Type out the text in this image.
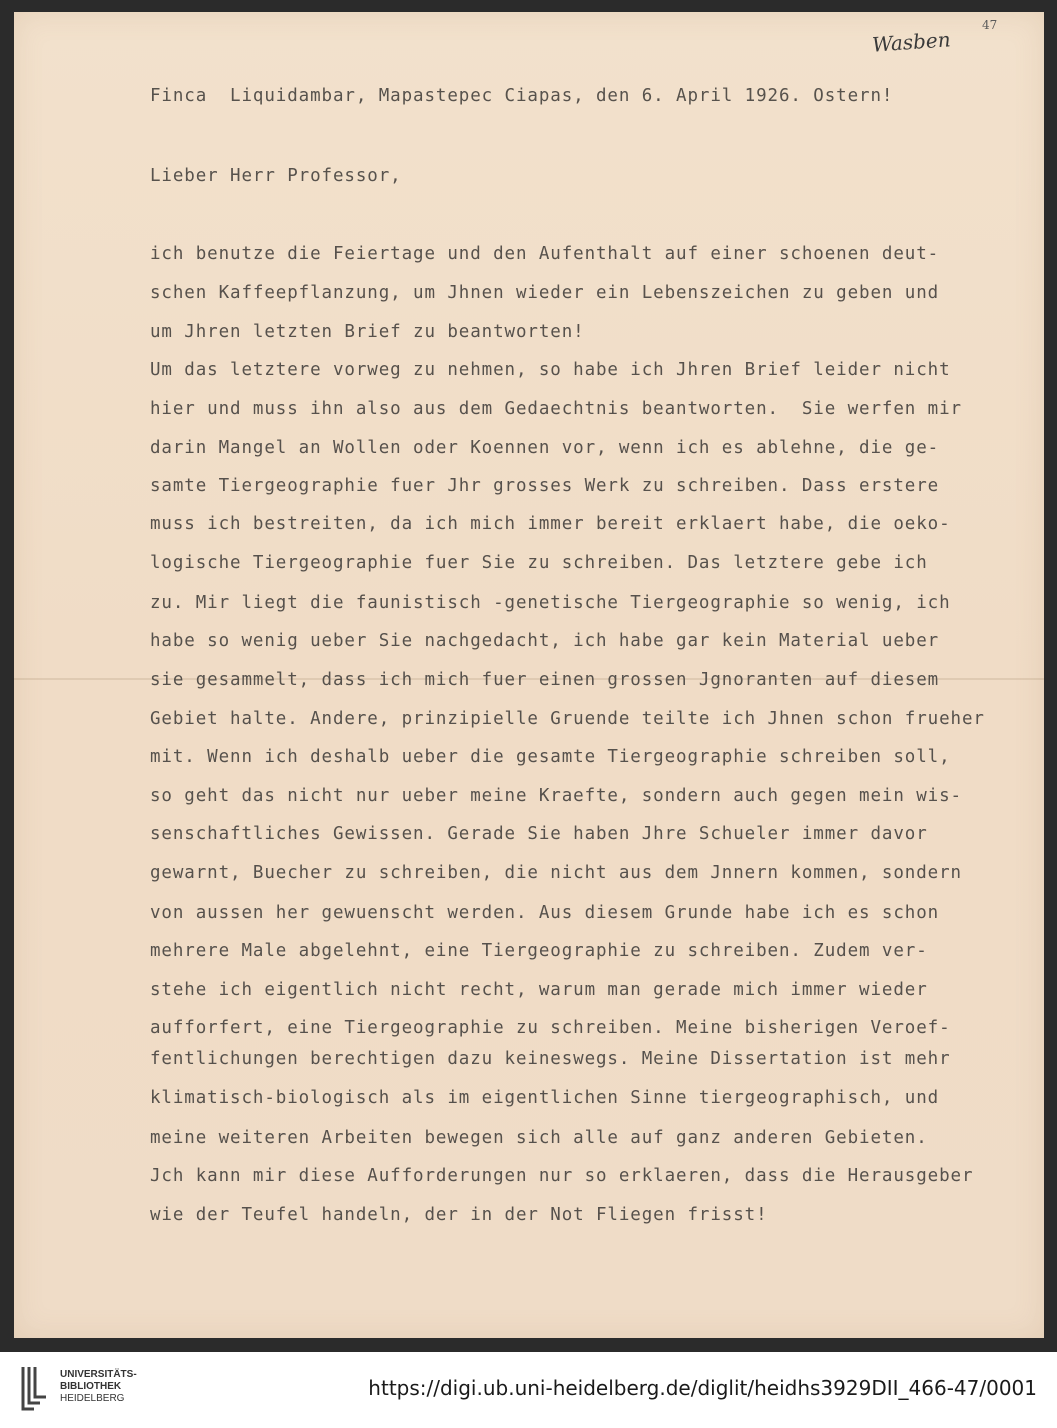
47
Wasben
Finca  Liquidambar, Mapastepec Ciapas, den 6. April 1926. Ostern!
Lieber Herr Professor,
ich benutze die Feiertage und den Aufenthalt auf einer schoenen deut-
schen Kaffeepflanzung, um Jhnen wieder ein Lebenszeichen zu geben und
um Jhren letzten Brief zu beantworten!
Um das letztere vorweg zu nehmen, so habe ich Jhren Brief leider nicht
hier und muss ihn also aus dem Gedaechtnis beantworten.  Sie werfen mir
darin Mangel an Wollen oder Koennen vor, wenn ich es ablehne, die ge-
samte Tiergeographie fuer Jhr grosses Werk zu schreiben. Dass erstere
muss ich bestreiten, da ich mich immer bereit erklaert habe, die oeko-
logische Tiergeographie fuer Sie zu schreiben. Das letztere gebe ich
zu. Mir liegt die faunistisch -genetische Tiergeographie so wenig, ich
habe so wenig ueber Sie nachgedacht, ich habe gar kein Material ueber
sie gesammelt, dass ich mich fuer einen grossen Jgnoranten auf diesem
Gebiet halte. Andere, prinzipielle Gruende teilte ich Jhnen schon frueher
mit. Wenn ich deshalb ueber die gesamte Tiergeographie schreiben soll,
so geht das nicht nur ueber meine Kraefte, sondern auch gegen mein wis-
senschaftliches Gewissen. Gerade Sie haben Jhre Schueler immer davor
gewarnt, Buecher zu schreiben, die nicht aus dem Jnnern kommen, sondern
von aussen her gewuenscht werden. Aus diesem Grunde habe ich es schon
mehrere Male abgelehnt, eine Tiergeographie zu schreiben. Zudem ver-
stehe ich eigentlich nicht recht, warum man gerade mich immer wieder
aufforfert, eine Tiergeographie zu schreiben. Meine bisherigen Veroef-
fentlichungen berechtigen dazu keineswegs. Meine Dissertation ist mehr
klimatisch-biologisch als im eigentlichen Sinne tiergeographisch, und
meine weiteren Arbeiten bewegen sich alle auf ganz anderen Gebieten.
Jch kann mir diese Aufforderungen nur so erklaeren, dass die Herausgeber
wie der Teufel handeln, der in der Not Fliegen frisst!
UNIVERSITÄTS-
BIBLIOTHEK
HEIDELBERG	https://digi.ub.uni-heidelberg.de/diglit/heidhs3929DII_466-47/0001
